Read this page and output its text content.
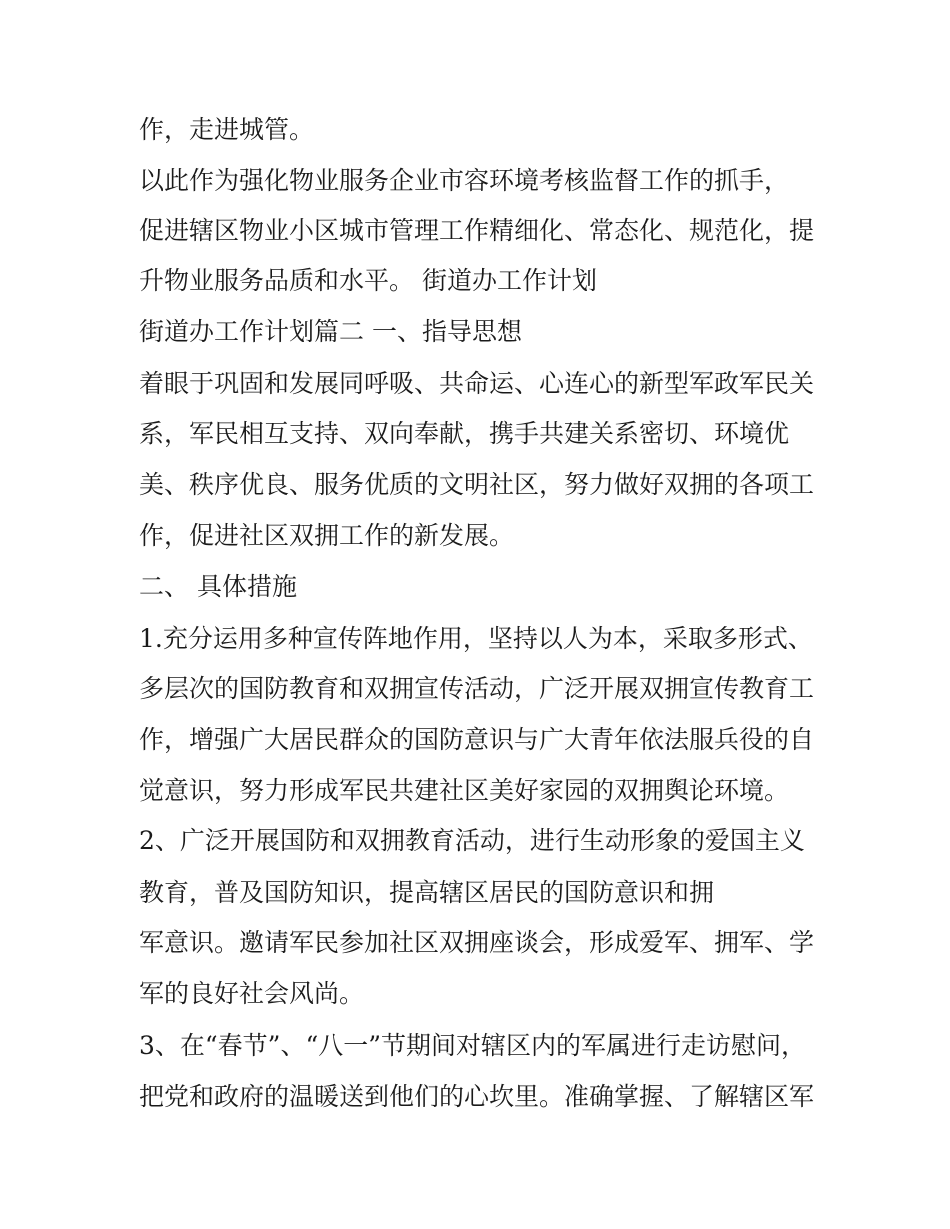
作，走进城管。
以此作为强化物业服务企业市容环境考核监督工作的抓手，
促进辖区物业小区城市管理工作精细化、常态化、规范化，提
升物业服务品质和水平。 街道办工作计划
街道办工作计划篇二 一、指导思想
着眼于巩固和发展同呼吸、共命运、心连心的新型军政军民关
系，军民相互支持、双向奉献，携手共建关系密切、环境优
美、秩序优良、服务优质的文明社区，努力做好双拥的各项工
作，促进社区双拥工作的新发展。
二、 具体措施
1.充分运用多种宣传阵地作用，坚持以人为本，采取多形式、
多层次的国防教育和双拥宣传活动，广泛开展双拥宣传教育工
作，增强广大居民群众的国防意识与广大青年依法服兵役的自
觉意识，努力形成军民共建社区美好家园的双拥舆论环境。
2、广泛开展国防和双拥教育活动，进行生动形象的爱国主义
教育，普及国防知识，提高辖区居民的国防意识和拥
军意识。邀请军民参加社区双拥座谈会，形成爱军、拥军、学
军的良好社会风尚。
3、在“春节”、“八一”节期间对辖区内的军属进行走访慰问，
把党和政府的温暖送到他们的心坎里。准确掌握、了解辖区军
